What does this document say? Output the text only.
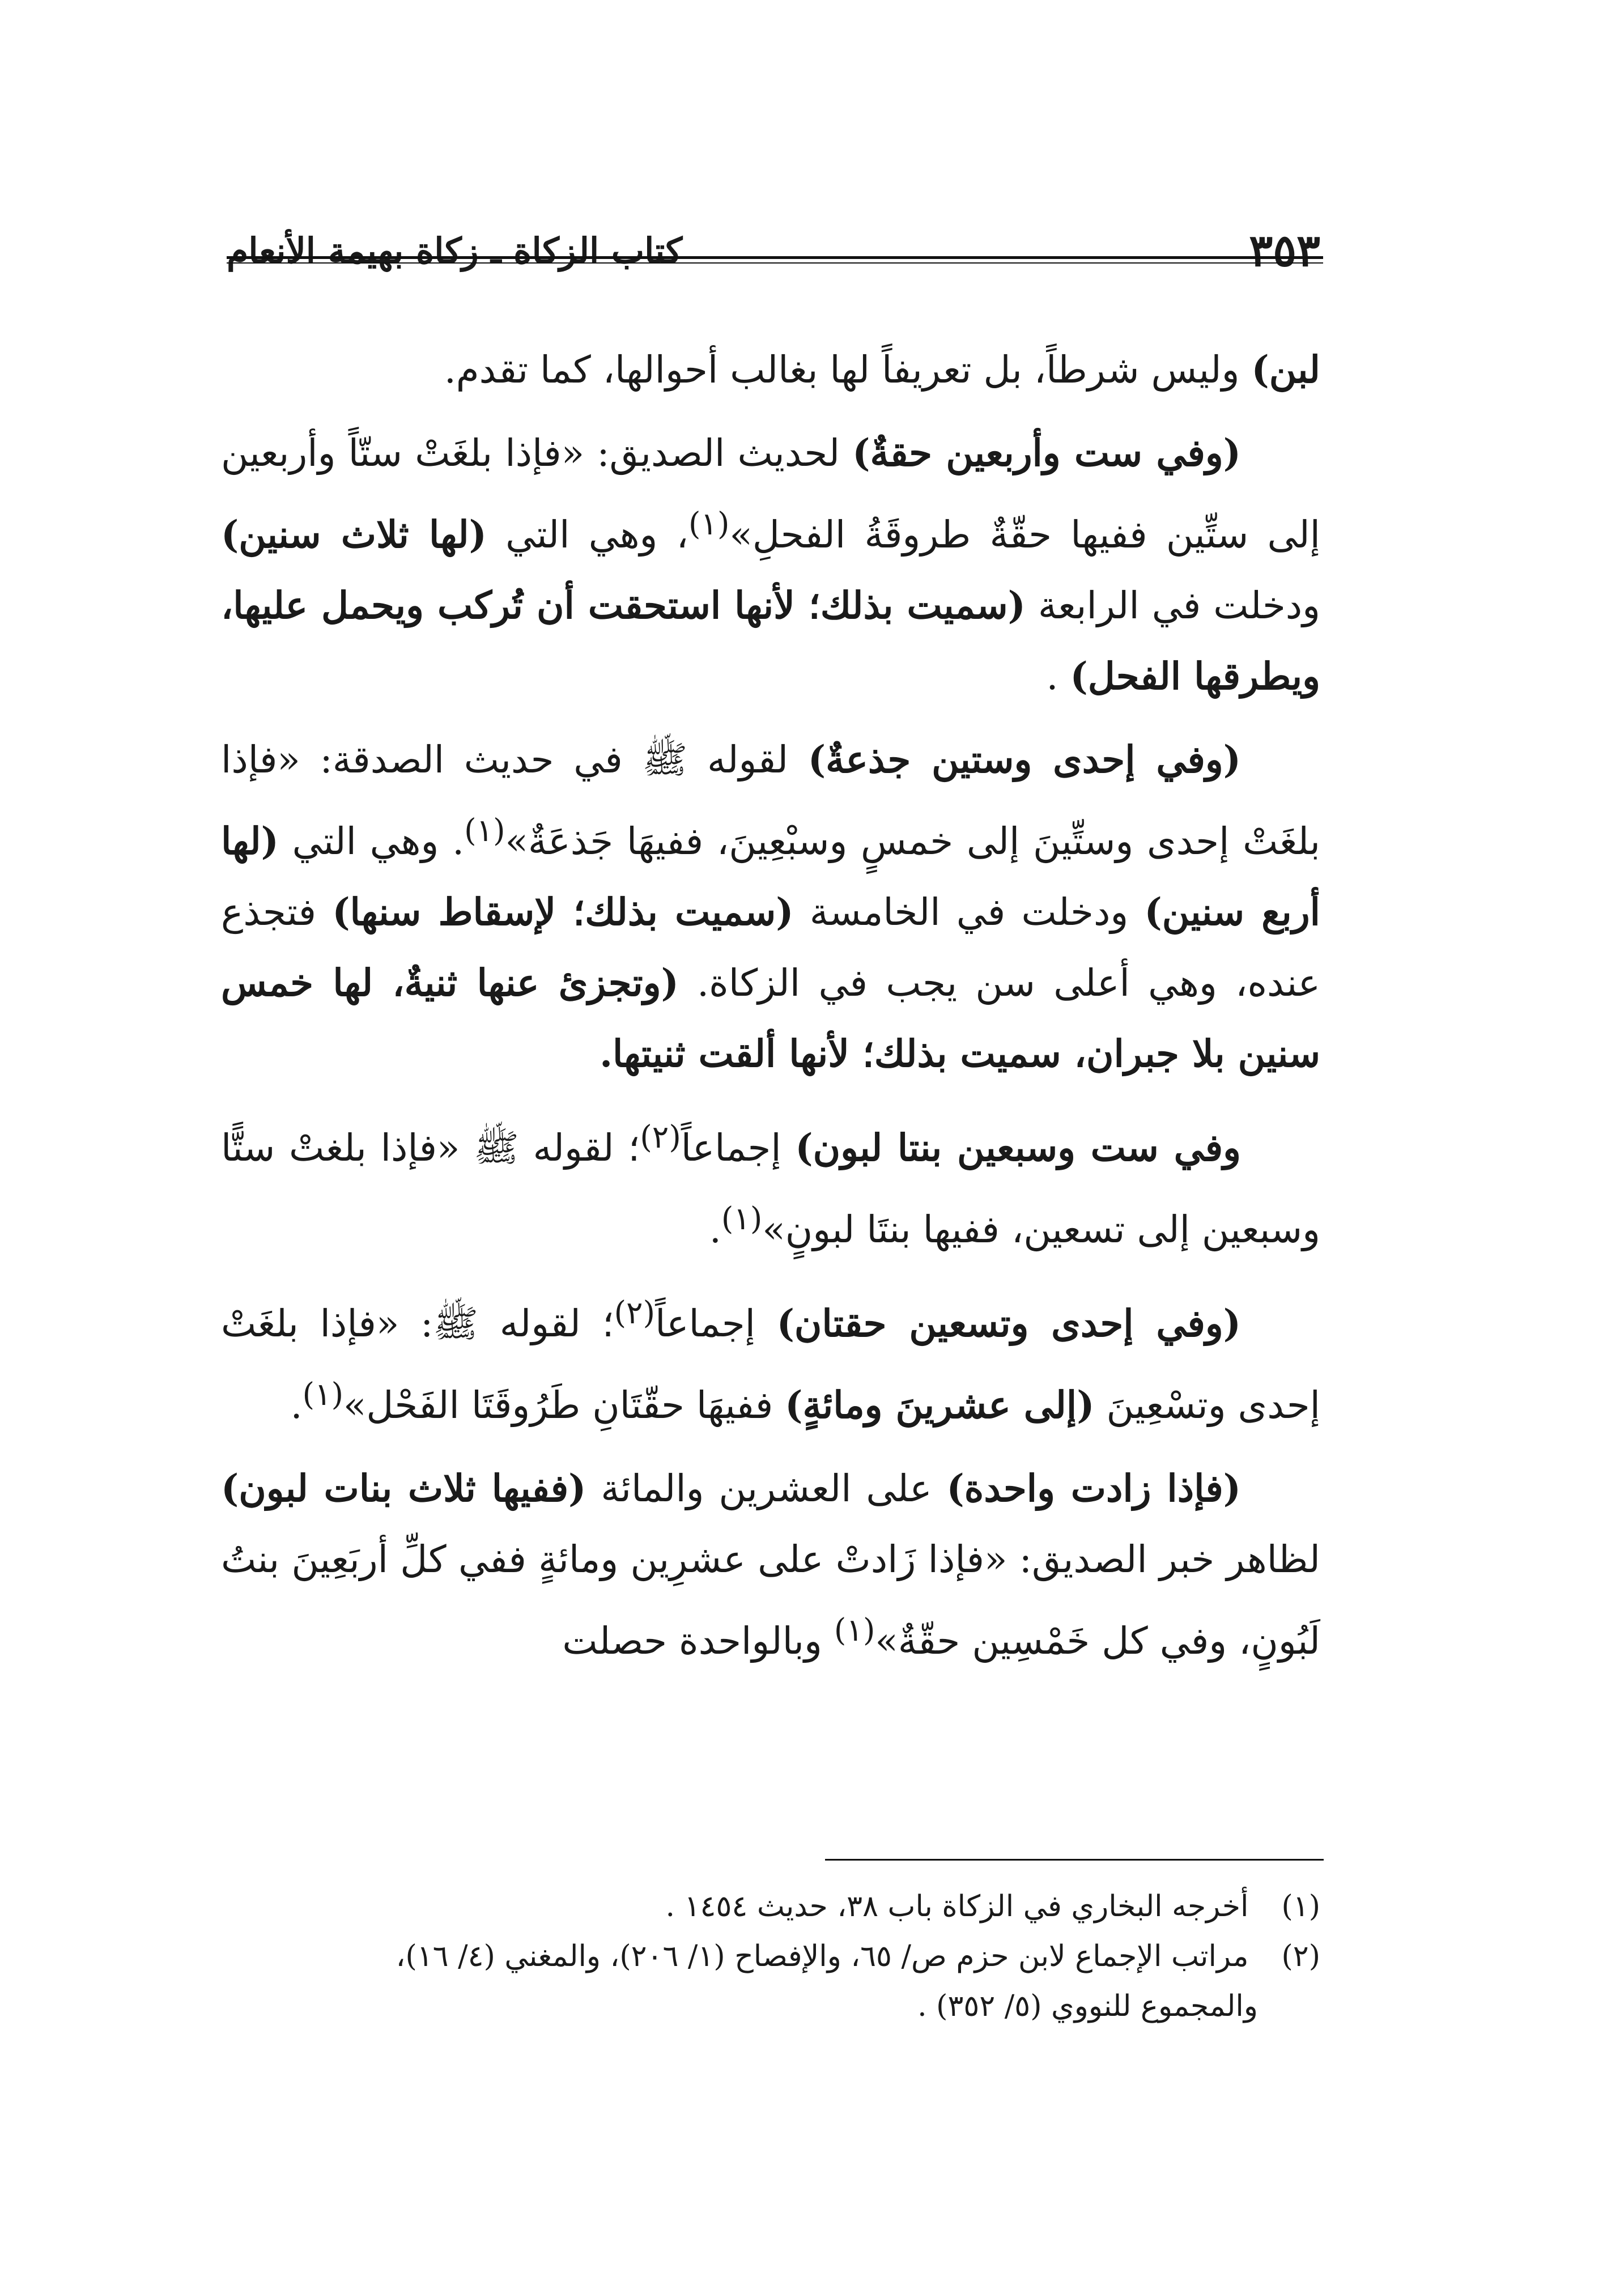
٣٥٣
كتاب الزكاة ـ زكاة بهيمة الأنعام

لبن) وليس شرطاً، بل تعريفاً لها بغالب أحوالها، كما تقدم.

(وفي ست وأربعين حقةٌ) لحديث الصديق: «فإذا بلغَتْ ستّاً وأربعين إلى ستِّين ففيها حقّةٌ طروقَةُ الفحلِ»$^{(١)}$، وهي التي (لها ثلاث سنين) ودخلت في الرابعة (سميت بذلك؛ لأنها استحقت أن تُركب ويحمل عليها، ويطرقها الفحل) .

(وفي إحدى وستين جذعةٌ) لقوله ﷺ في حديث الصدقة: «فإذا بلغَتْ إحدى وستِّينَ إلى خمسٍ وسبْعِينَ، ففيهَا جَذعَةٌ»$^{(١)}$. وهي التي (لها أربع سنين) ودخلت في الخامسة (سميت بذلك؛ لإسقاط سنها) فتجذع عنده، وهي أعلى سن يجب في الزكاة. (وتجزئ عنها ثنيةٌ، لها خمس سنين بلا جبران، سميت بذلك؛ لأنها ألقت ثنيتها.

وفي ست وسبعين بنتا لبون) إجماعاً$^{(٢)}$؛ لقوله ﷺ «فإذا بلغتْ ستًّا وسبعين إلى تسعين، ففيها بنتَا لبونٍ»$^{(١)}$.

(وفي إحدى وتسعين حقتان) إجماعاً$^{(٢)}$؛ لقوله ﷺ: «فإذا بلغَتْ إحدى وتسْعِينَ (إلى عشرينَ ومائةٍ) ففيهَا حقّتَانِ طَرُوقَتَا الفَحْل»$^{(١)}$.

(فإذا زادت واحدة) على العشرين والمائة (ففيها ثلاث بنات لبون) لظاهر خبر الصديق: «فإذا زَادتْ على عشرِين ومائةٍ ففي كلِّ أربَعِينَ بنتُ لَبُونٍ، وفي كل خَمْسِين حقّةٌ»$^{(١)}$ وبالواحدة حصلت

(١) أخرجه البخاري في الزكاة باب ٣٨، حديث ١٤٥٤ .

(٢) مراتب الإجماع لابن حزم ص/ ٦٥، والإفصاح (١/ ٢٠٦)، والمغني (٤/ ١٦)،

والمجموع للنووي (٥/ ٣٥٢) .
